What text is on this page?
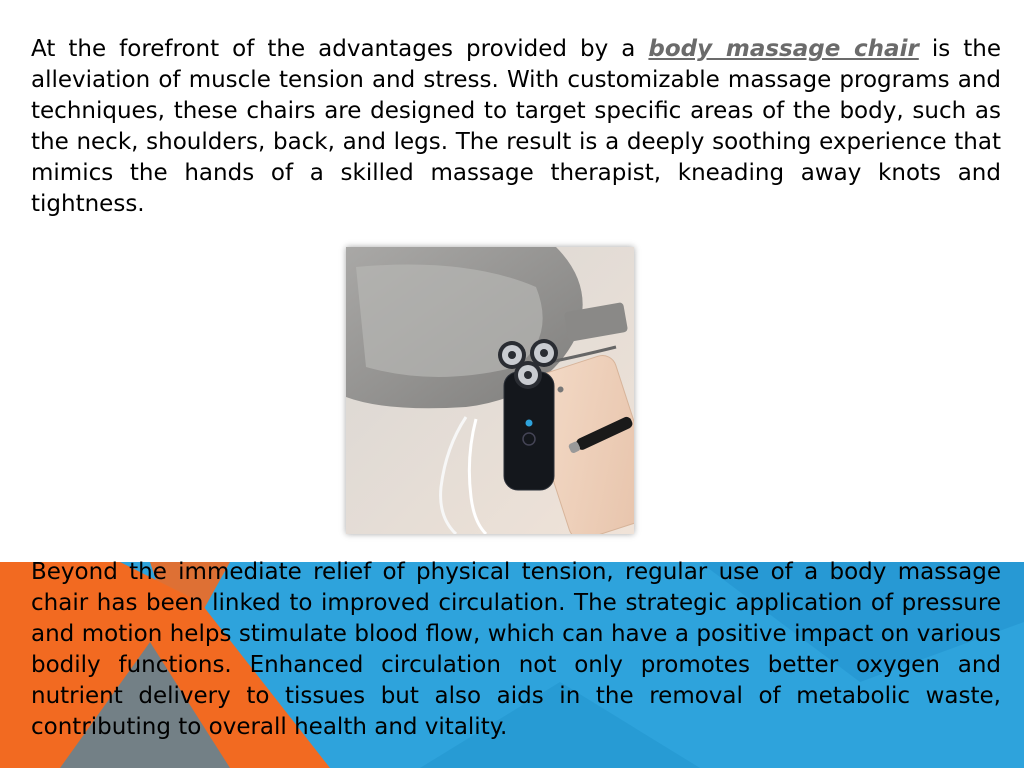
At the forefront of the advantages provided by a body massage chair is the alleviation of muscle tension and stress. With customizable massage programs and techniques, these chairs are designed to target specific areas of the body, such as the neck, shoulders, back, and legs. The result is a deeply soothing experience that mimics the hands of a skilled massage therapist, kneading away knots and tightness.

Beyond the immediate relief of physical tension, regular use of a body massage chair has been linked to improved circulation. The strategic application of pressure and motion helps stimulate blood flow, which can have a positive impact on various bodily functions. Enhanced circulation not only promotes better oxygen and nutrient delivery to tissues but also aids in the removal of metabolic waste, contributing to overall health and vitality.
